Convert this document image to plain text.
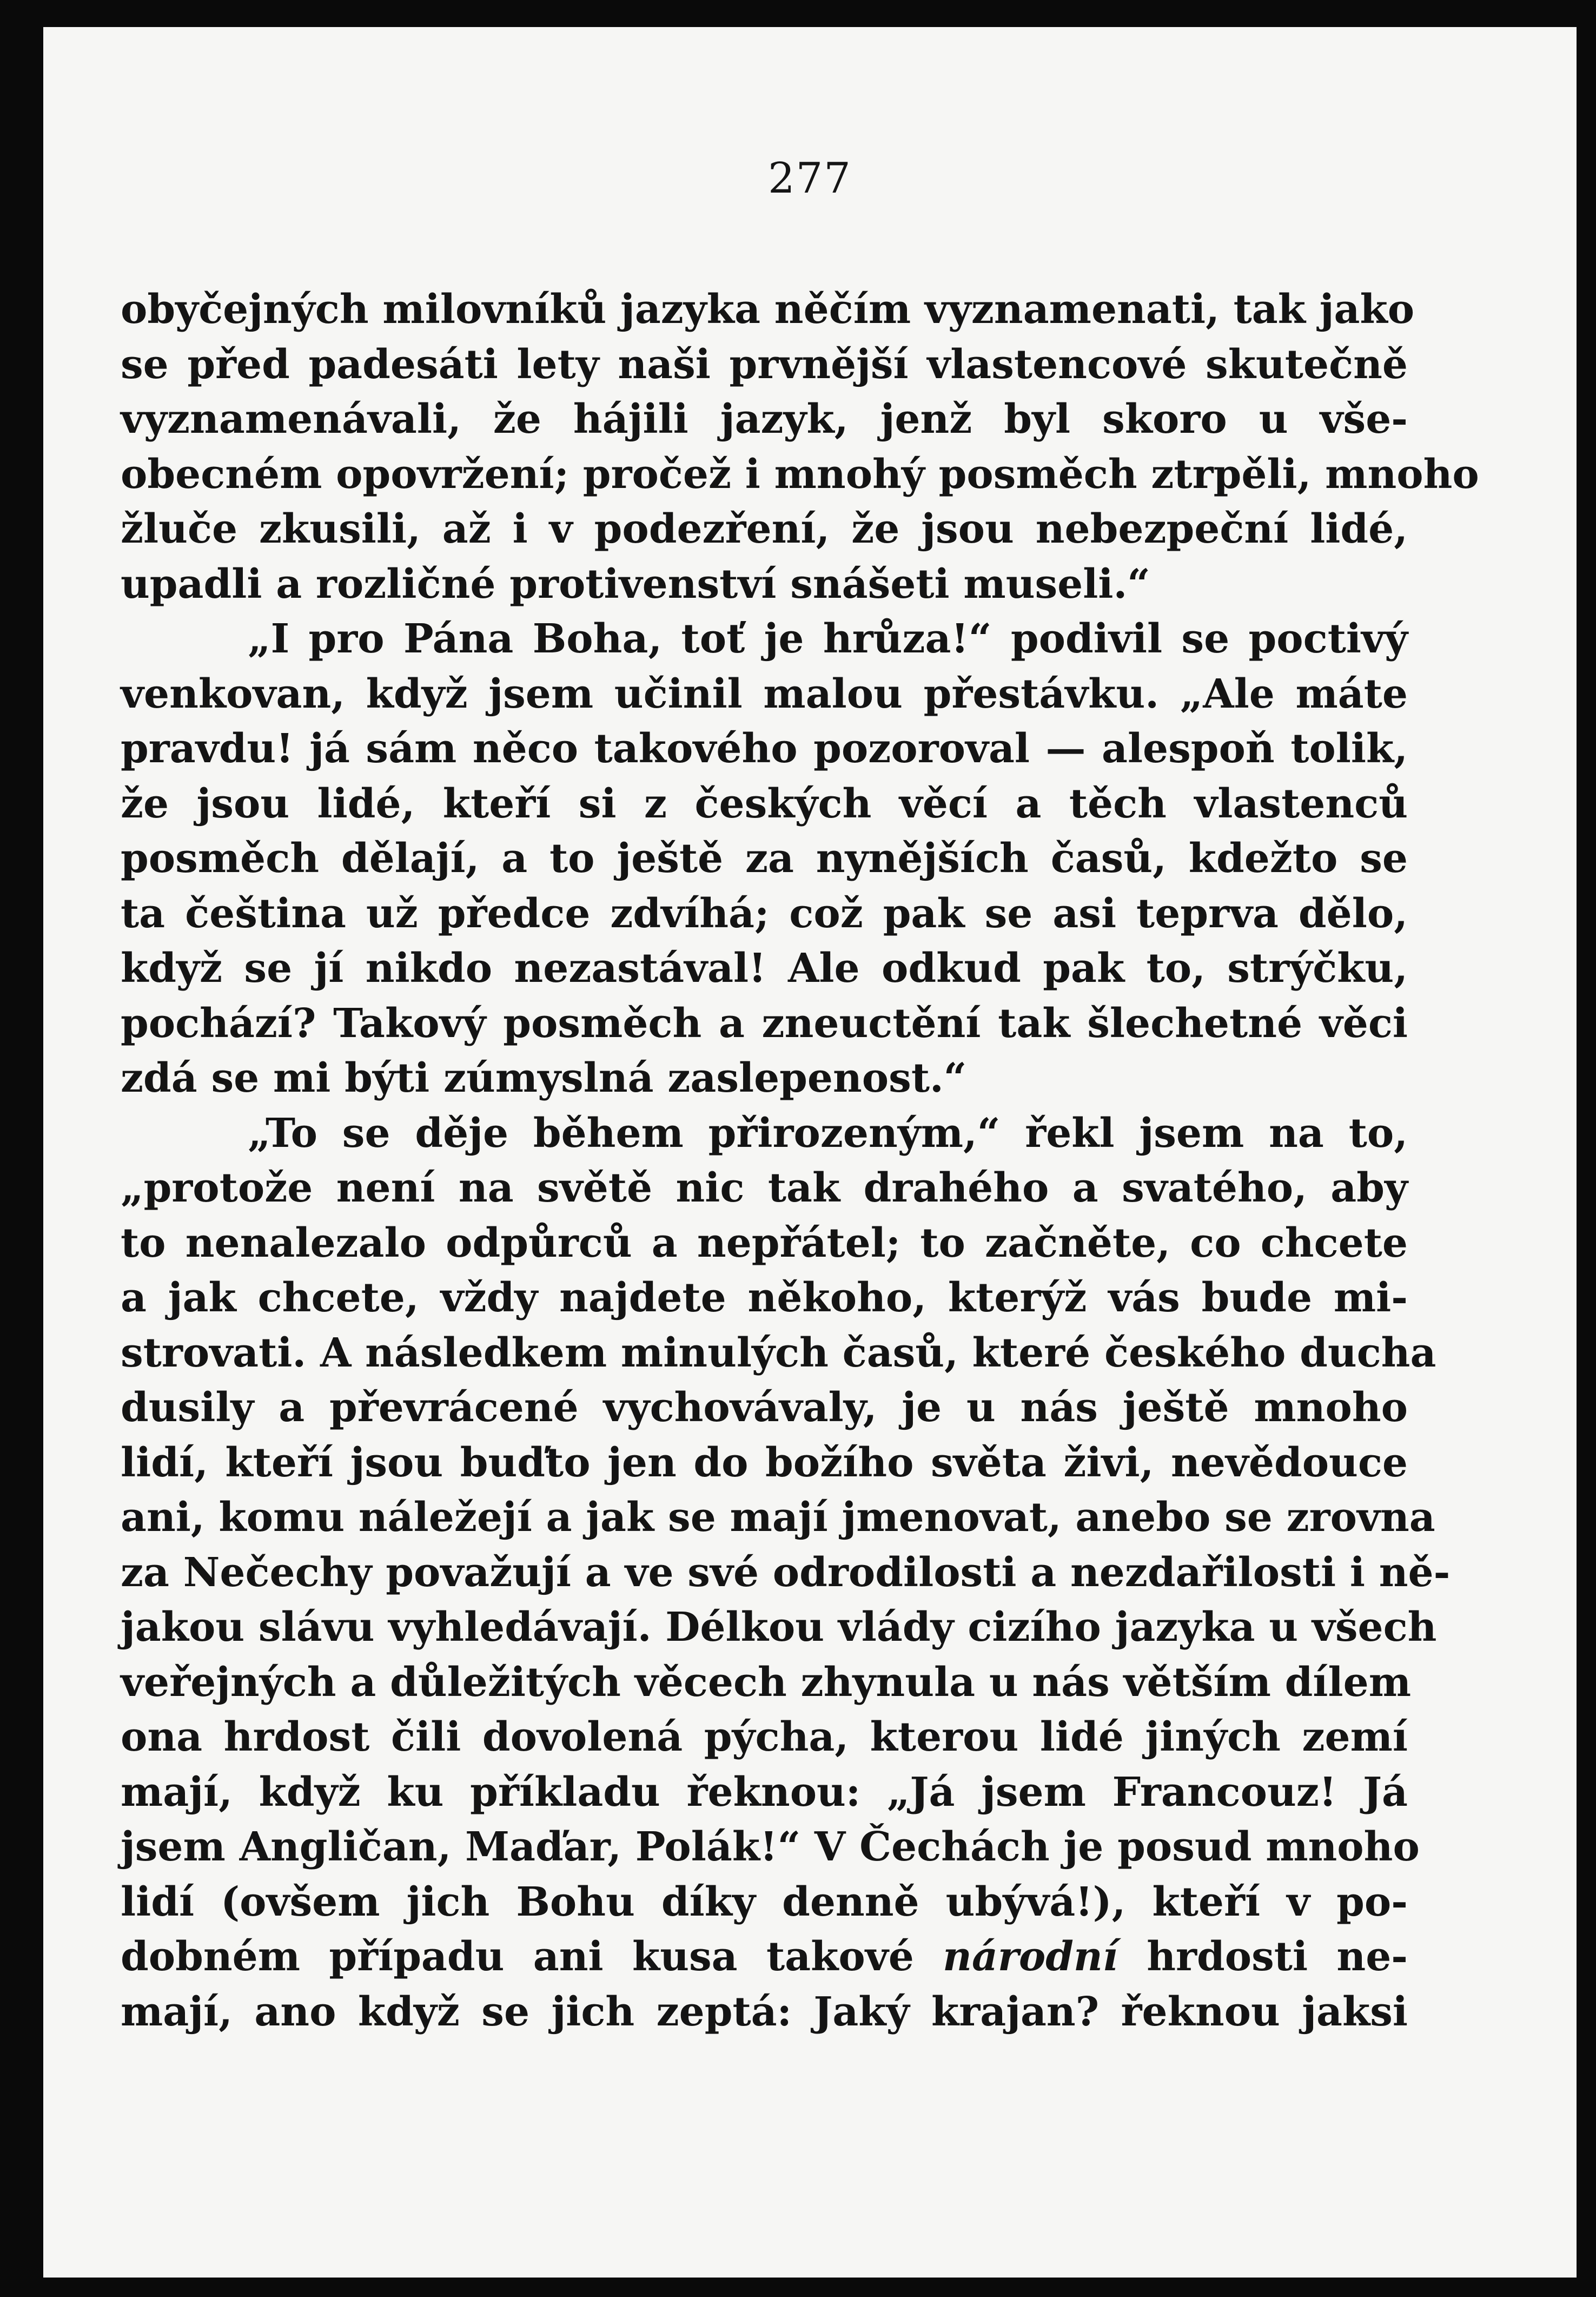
277
obyčejných milovníků jazyka něčím vyznamenati, tak jako
se před padesáti lety naši prvnější vlastencové skutečně
vyznamenávali, že hájili jazyk, jenž byl skoro u vše-
obecném opovržení; pročež i mnohý posměch ztrpěli, mnoho
žluče zkusili, až i v podezření, že jsou nebezpeční lidé,
upadli a rozličné protivenství snášeti museli.“
„I pro Pána Boha, toť je hrůza!“ podivil se poctivý
venkovan, když jsem učinil malou přestávku. „Ale máte
pravdu! já sám něco takového pozoroval — alespoň tolik,
že jsou lidé, kteří si z českých věcí a těch vlastenců
posměch dělají, a to ještě za nynějších časů, kdežto se
ta čeština už předce zdvíhá; což pak se asi teprva dělo,
když se jí nikdo nezastával! Ale odkud pak to, strýčku,
pochází? Takový posměch a zneuctění tak šlechetné věci
zdá se mi býti zúmyslná zaslepenost.“
„To se děje během přirozeným,“ řekl jsem na to,
„protože není na světě nic tak drahého a svatého, aby
to nenalezalo odpůrců a nepřátel; to začněte, co chcete
a jak chcete, vždy najdete někoho, kterýž vás bude mi-
strovati. A následkem minulých časů, které českého ducha
dusily a převrácené vychovávaly, je u nás ještě mnoho
lidí, kteří jsou buďto jen do božího světa živi, nevědouce
ani, komu náležejí a jak se mají jmenovat, anebo se zrovna
za Nečechy považují a ve své odrodilosti a nezdařilosti i ně-
jakou slávu vyhledávají. Délkou vlády cizího jazyka u všech
veřejných a důležitých věcech zhynula u nás větším dílem
ona hrdost čili dovolená pýcha, kterou lidé jiných zemí
mají, když ku příkladu řeknou: „Já jsem Francouz! Já
jsem Angličan, Maďar, Polák!“ V Čechách je posud mnoho
lidí (ovšem jich Bohu díky denně ubývá!), kteří v po-
dobném případu ani kusa takové národní hrdosti ne-
mají, ano když se jich zeptá: Jaký krajan? řeknou jaksi
